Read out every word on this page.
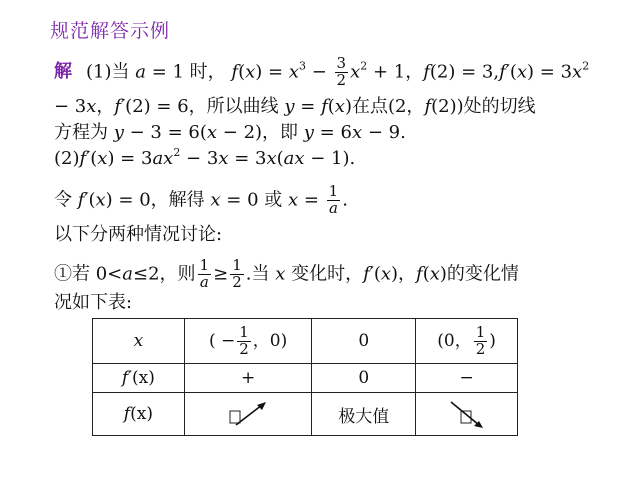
规范解答示例
解 (1)当 a = 1 时， $f(x) = x^3 - \frac{3}{2} x^2 + 1$，$f(2) = 3,f'(x) = 3x^2$
− 3x，f′(2) = 6，所以曲线 y = f(x)在点(2，f(2))处的切线
方程为 y − 3 = 6(x − 2)，即 y = 6x − 9.
$(2)f'(x) = 3ax^2 - 3x = 3x(ax - 1)$.
令 f′(x) = 0，解得 x = 0 或 $x = \frac{1}{a}$ .
以下分两种情况讨论:
①若 0<a≤2，则 $\frac{1}{a} \ge \frac{1}{2}$ .当 x 变化时，f′(x)，f(x)的变化情
况如下表:
x	( − $\frac{1}{2}$ ，0)	0	(0， $\frac{1}{2}$ )
f′(x)	+	0	−
f(x)		极大值	
